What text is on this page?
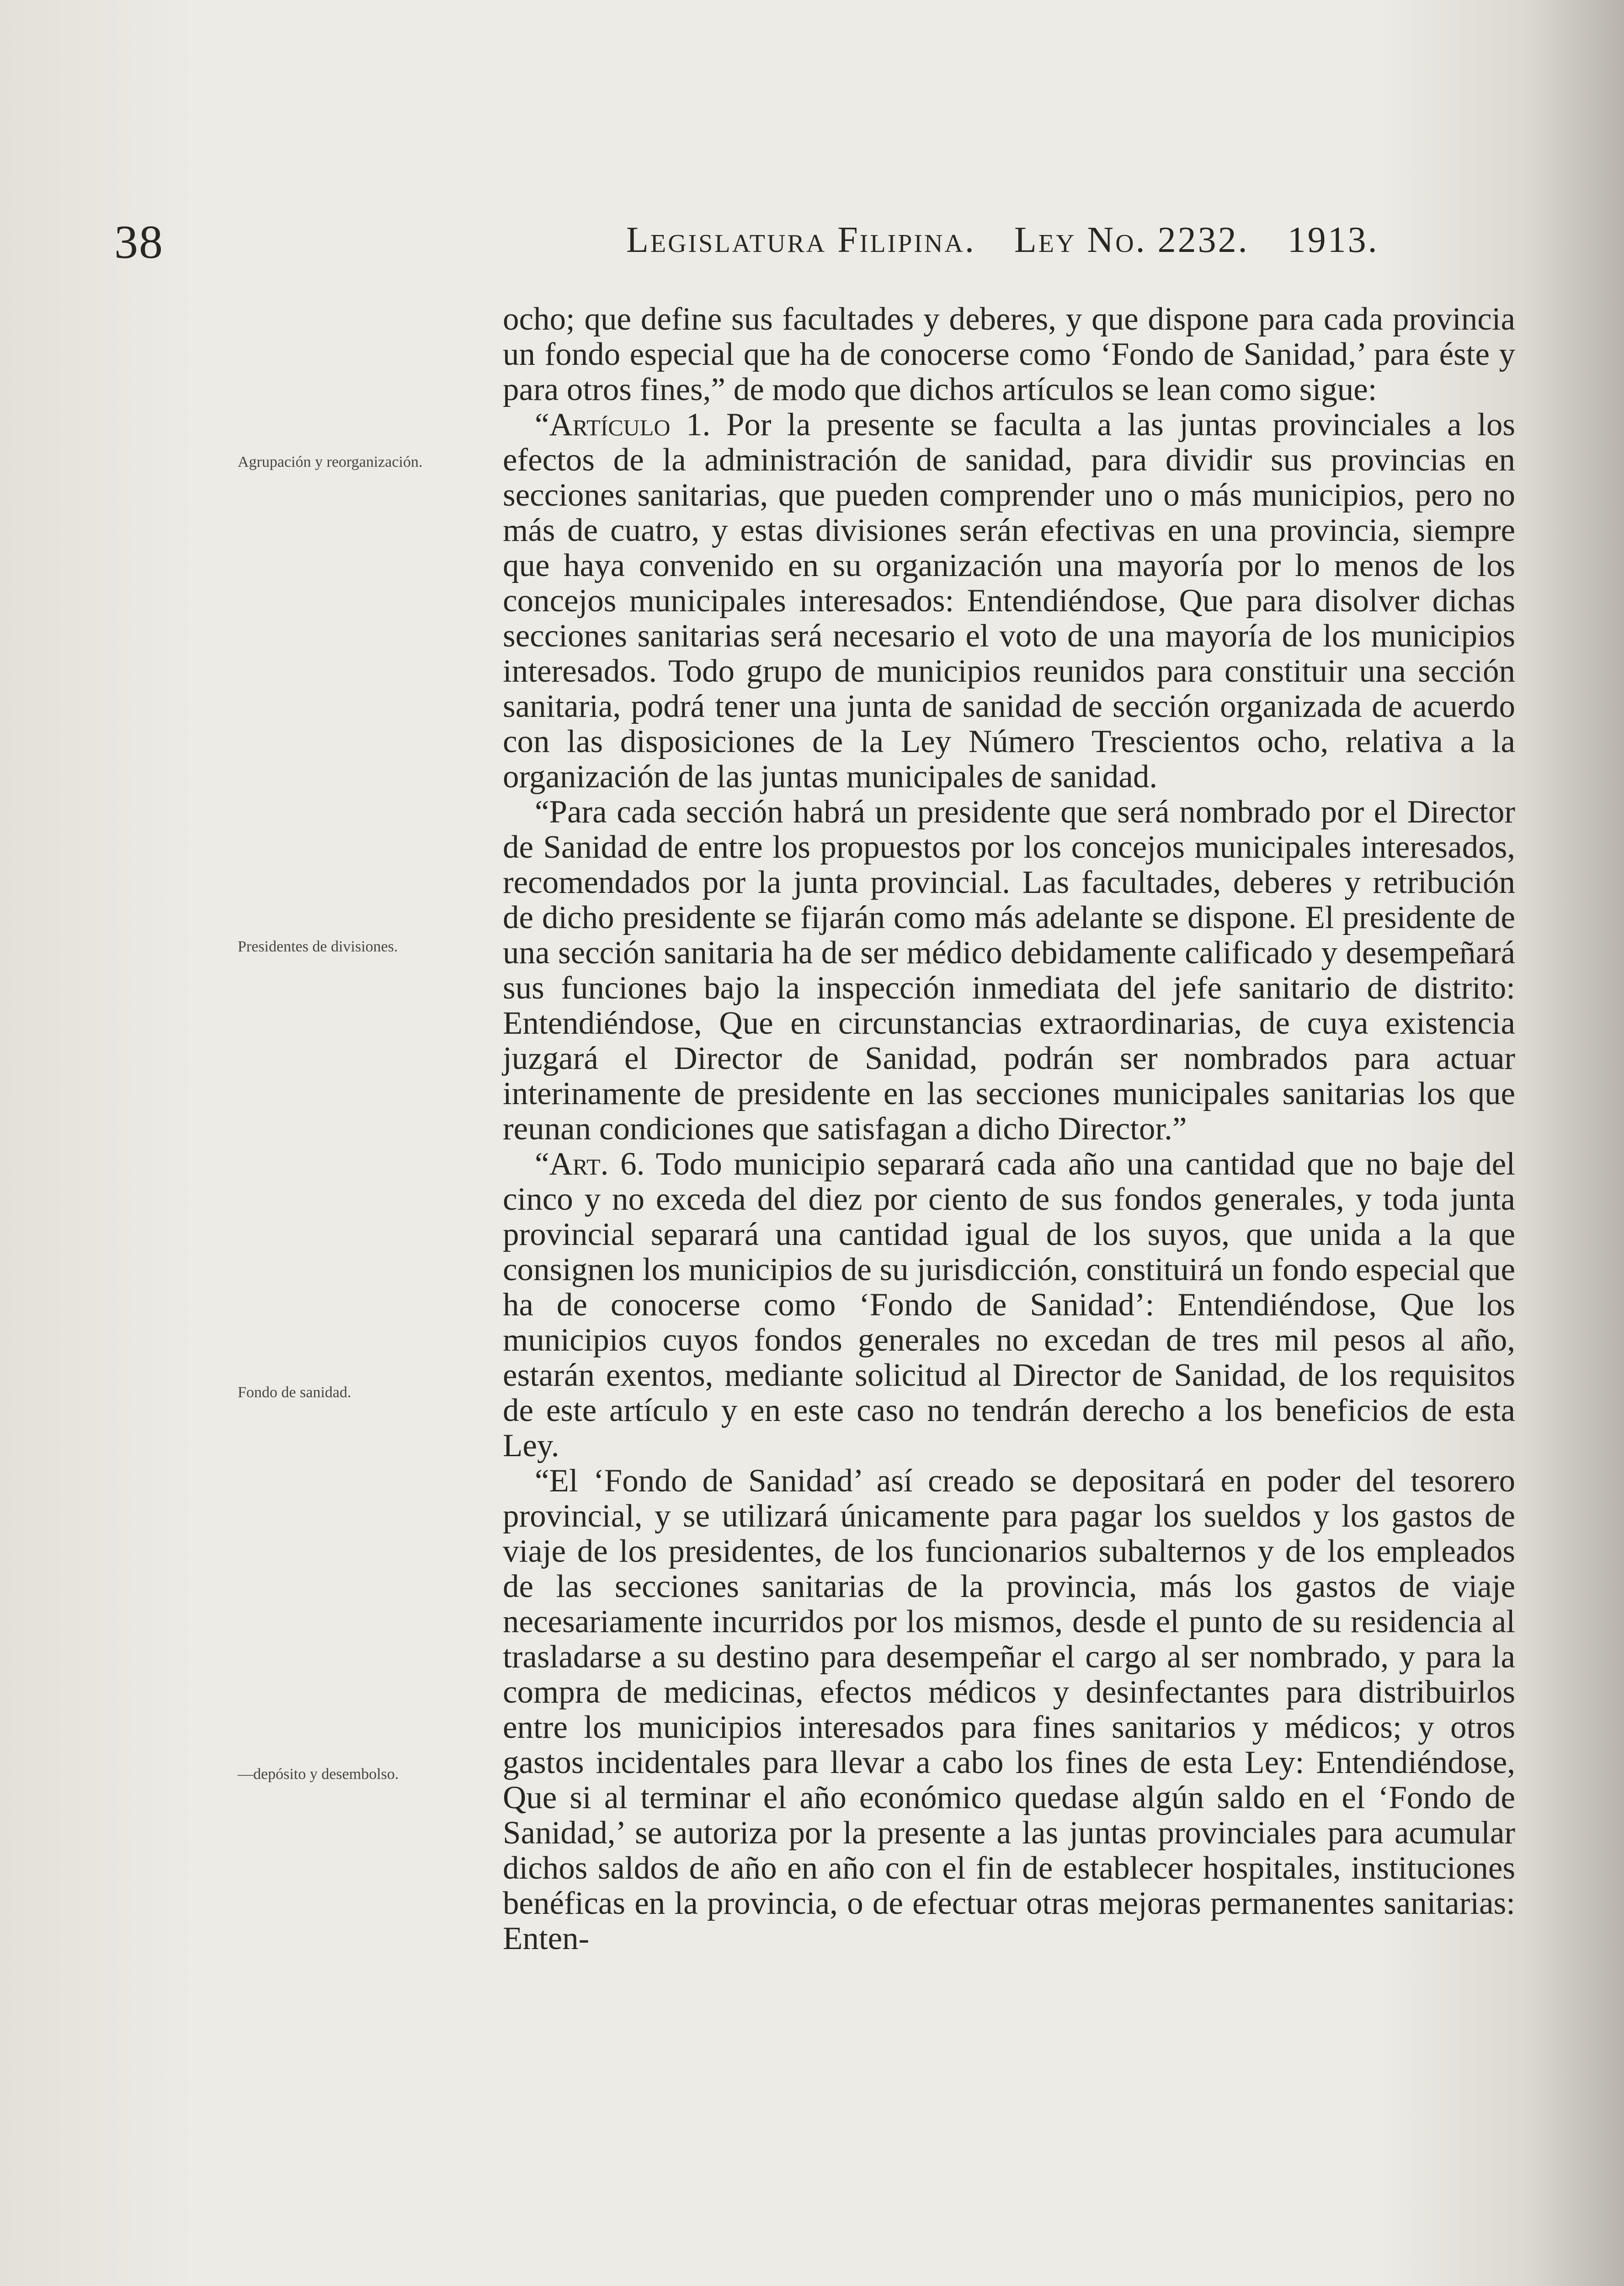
38	Legislatura Filipina. Ley No. 2232. 1913.
Agrupación y reorganización.
Presidentes de divisiones.
Fondo de sanidad.
—depósito y desembolso.

ocho; que define sus facultades y deberes, y que dispone para cada provincia un fondo especial que ha de conocerse como ‘Fondo de Sanidad,’ para éste y para otros fines,” de modo que dichos artículos se lean como sigue:

“Artículo 1. Por la presente se faculta a las juntas provinciales a los efectos de la administración de sanidad, para dividir sus provincias en secciones sanitarias, que pueden comprender uno o más municipios, pero no más de cuatro, y estas divisiones serán efectivas en una provincia, siempre que haya convenido en su organización una mayoría por lo menos de los concejos municipales interesados: Entendiéndose, Que para disolver dichas secciones sanitarias será necesario el voto de una mayoría de los municipios interesados. Todo grupo de municipios reunidos para constituir una sección sanitaria, podrá tener una junta de sanidad de sección organizada de acuerdo con las disposiciones de la Ley Número Trescientos ocho, relativa a la organización de las juntas municipales de sanidad.

“Para cada sección habrá un presidente que será nombrado por el Director de Sanidad de entre los propuestos por los concejos municipales interesados, recomendados por la junta provincial. Las facultades, deberes y retribución de dicho presidente se fijarán como más adelante se dispone. El presidente de una sección sanitaria ha de ser médico debidamente calificado y desempeñará sus funciones bajo la inspección inmediata del jefe sanitario de distrito: Entendiéndose, Que en circunstancias extraordinarias, de cuya existencia juzgará el Director de Sanidad, podrán ser nombrados para actuar interinamente de presidente en las secciones municipales sanitarias los que reunan condiciones que satisfagan a dicho Director.”

“Art. 6. Todo municipio separará cada año una cantidad que no baje del cinco y no exceda del diez por ciento de sus fondos generales, y toda junta provincial separará una cantidad igual de los suyos, que unida a la que consignen los municipios de su jurisdicción, constituirá un fondo especial que ha de conocerse como ‘Fondo de Sanidad’: Entendiéndose, Que los municipios cuyos fondos generales no excedan de tres mil pesos al año, estarán exentos, mediante solicitud al Director de Sanidad, de los requisitos de este artículo y en este caso no tendrán derecho a los beneficios de esta Ley.

“El ‘Fondo de Sanidad’ así creado se depositará en poder del tesorero provincial, y se utilizará únicamente para pagar los sueldos y los gastos de viaje de los presidentes, de los funcionarios subalternos y de los empleados de las secciones sanitarias de la provincia, más los gastos de viaje necesariamente incurridos por los mismos, desde el punto de su residencia al trasladarse a su destino para desempeñar el cargo al ser nombrado, y para la compra de medicinas, efectos médicos y desinfectantes para distribuirlos entre los municipios interesados para fines sanitarios y médicos; y otros gastos incidentales para llevar a cabo los fines de esta Ley: Entendiéndose, Que si al terminar el año económico quedase algún saldo en el ‘Fondo de Sanidad,’ se autoriza por la presente a las juntas provinciales para acumular dichos saldos de año en año con el fin de establecer hospitales, instituciones benéficas en la provincia, o de efectuar otras mejoras permanentes sanitarias: Enten-
